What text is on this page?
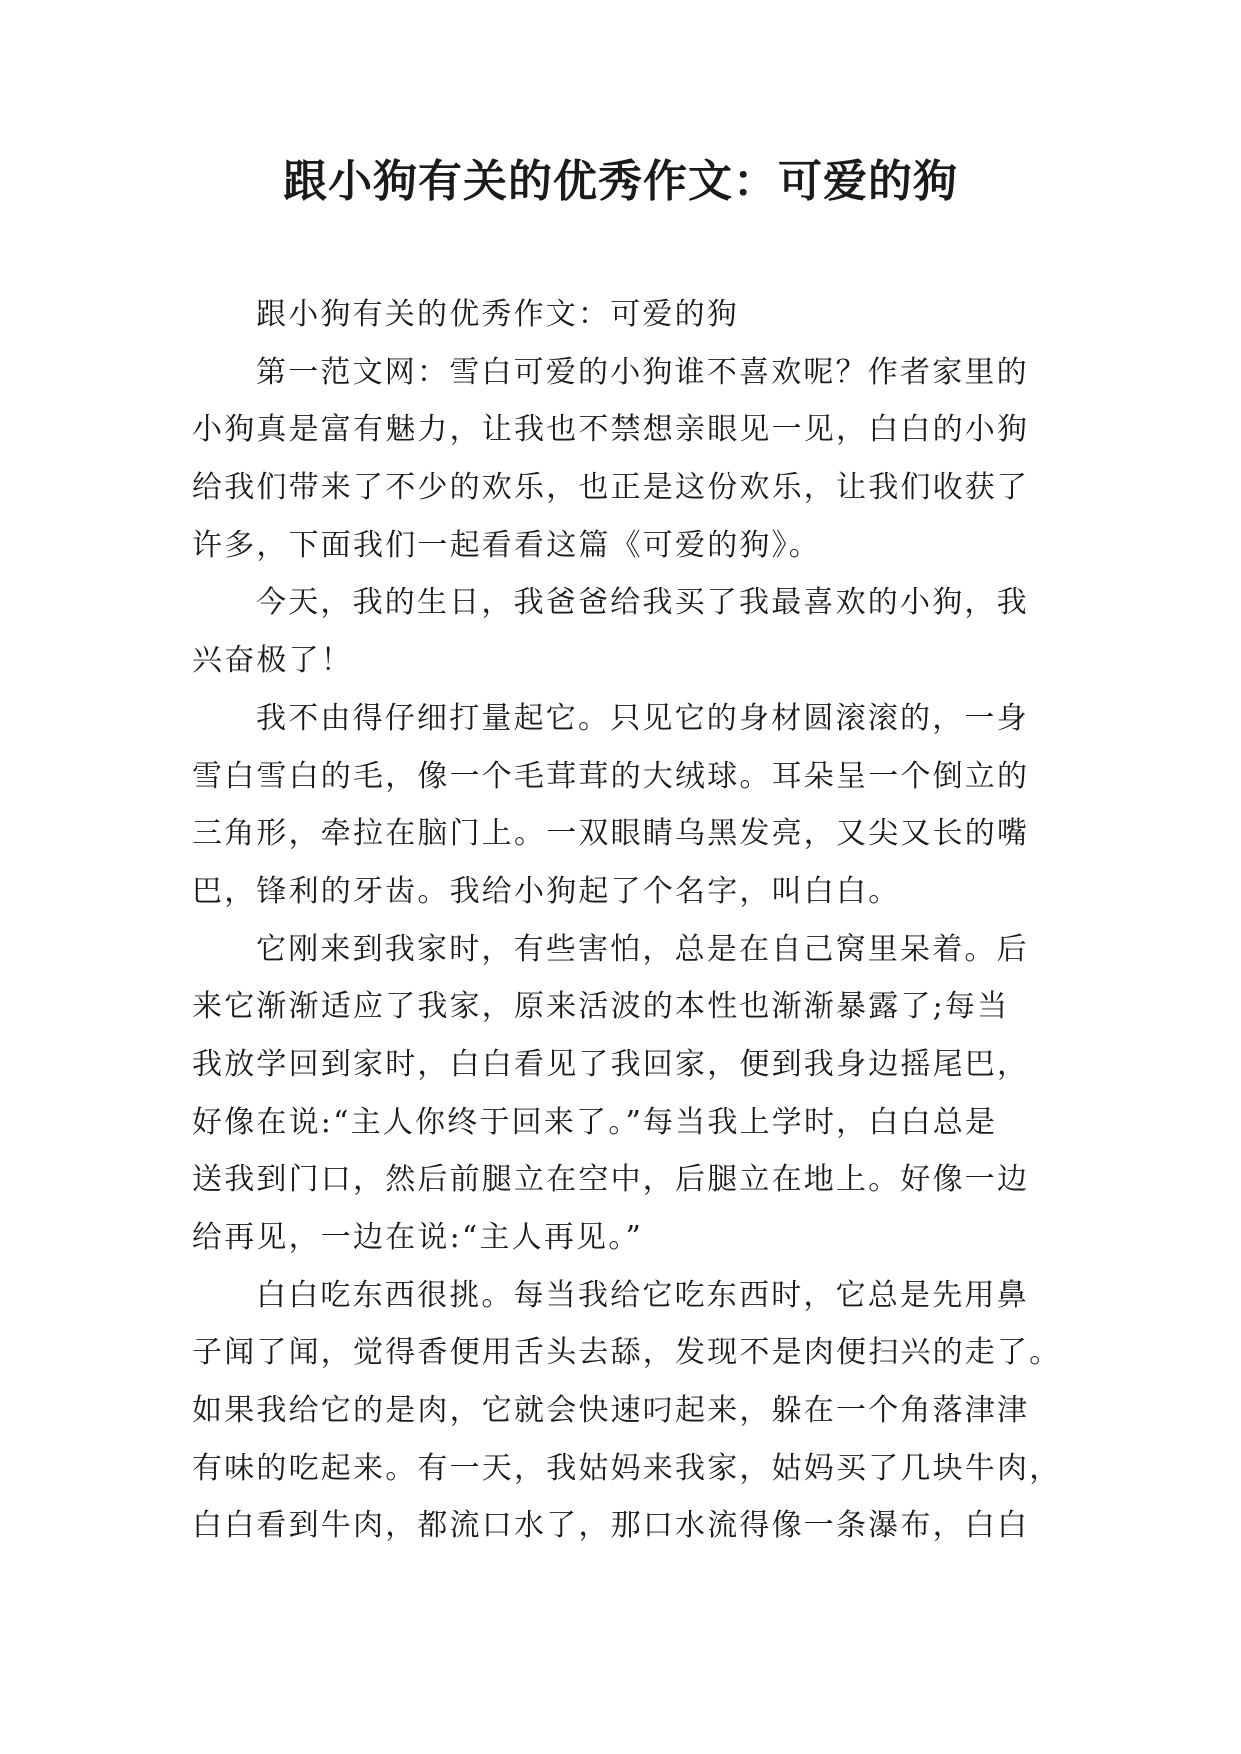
跟小狗有关的优秀作文：可爱的狗
跟小狗有关的优秀作文：可爱的狗
第一范文网：雪白可爱的小狗谁不喜欢呢？作者家里的
小狗真是富有魅力，让我也不禁想亲眼见一见，白白的小狗
给我们带来了不少的欢乐，也正是这份欢乐，让我们收获了
许多，下面我们一起看看这篇《可爱的狗》。
今天，我的生日，我爸爸给我买了我最喜欢的小狗，我
兴奋极了！
我不由得仔细打量起它。只见它的身材圆滚滚的，一身
雪白雪白的毛，像一个毛茸茸的大绒球。耳朵呈一个倒立的
三角形，牵拉在脑门上。一双眼睛乌黑发亮，又尖又长的嘴
巴，锋利的牙齿。我给小狗起了个名字，叫白白。
它刚来到我家时，有些害怕，总是在自己窝里呆着。后
来它渐渐适应了我家，原来活波的本性也渐渐暴露了;每当
我放学回到家时，白白看见了我回家，便到我身边摇尾巴，
好像在说:“主人你终于回来了。”每当我上学时，白白总是
送我到门口，然后前腿立在空中，后腿立在地上。好像一边
给再见，一边在说:“主人再见。”
白白吃东西很挑。每当我给它吃东西时，它总是先用鼻
子闻了闻，觉得香便用舌头去舔，发现不是肉便扫兴的走了。
如果我给它的是肉，它就会快速叼起来，躲在一个角落津津
有味的吃起来。有一天，我姑妈来我家，姑妈买了几块牛肉，
白白看到牛肉，都流口水了，那口水流得像一条瀑布，白白
